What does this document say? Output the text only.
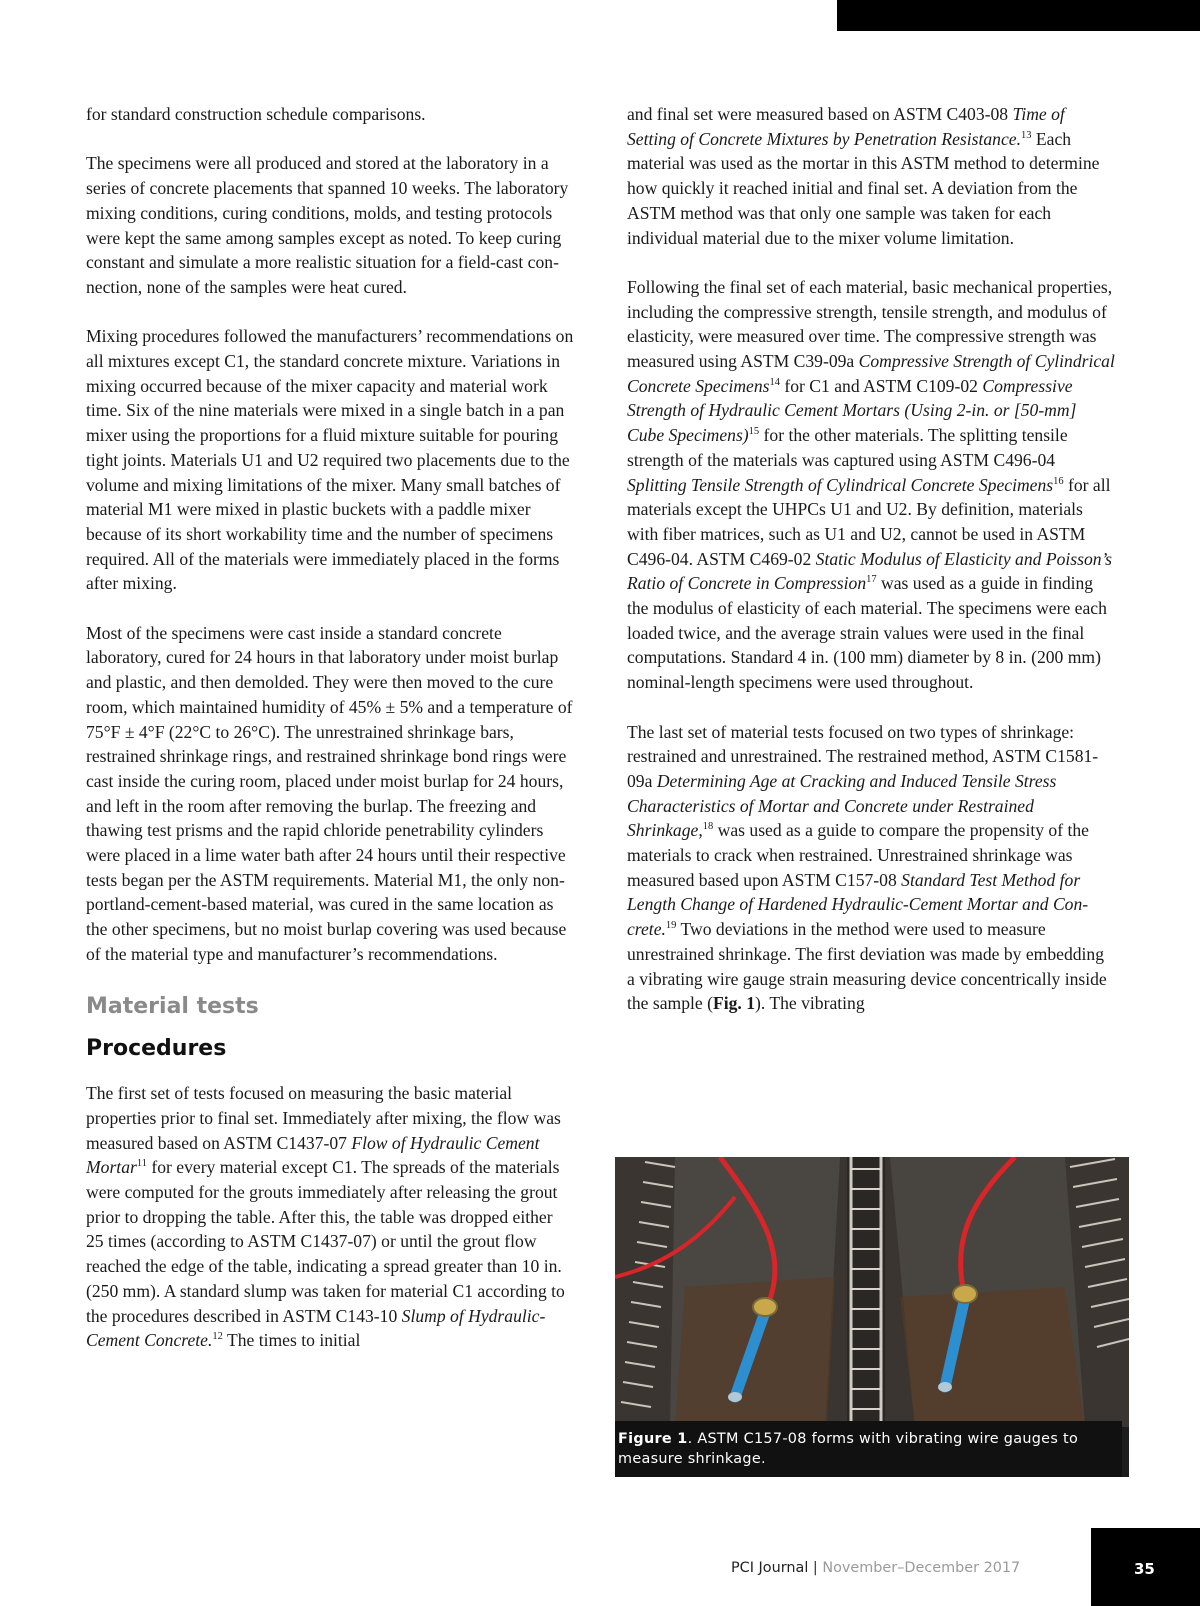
for standard construction schedule comparisons.

The specimens were all produced and stored at the laboratory in a series of concrete placements that spanned 10 weeks. The laboratory mixing conditions, curing conditions, molds, and testing protocols were kept the same among samples except as noted. To keep curing constant and simulate a more realistic situation for a field-cast connection, none of the samples were heat cured.

Mixing procedures followed the manufacturers’ recommendations on all mixtures except C1, the standard concrete mixture. Variations in mixing occurred because of the mixer capacity and material work time. Six of the nine materials were mixed in a single batch in a pan mixer using the proportions for a fluid mixture suitable for pouring tight joints. Materials U1 and U2 required two placements due to the volume and mixing limitations of the mixer. Many small batches of material M1 were mixed in plastic buckets with a paddle mixer because of its short workability time and the number of specimens required. All of the materials were immediately placed in the forms after mixing.

Most of the specimens were cast inside a standard concrete laboratory, cured for 24 hours in that laboratory under moist burlap and plastic, and then demolded. They were then moved to the cure room, which maintained humidity of 45% ± 5% and a temperature of 75°F ± 4°F (22°C to 26°C). The unrestrained shrinkage bars, restrained shrinkage rings, and restrained shrinkage bond rings were cast inside the curing room, placed under moist burlap for 24 hours, and left in the room after removing the burlap. The freezing and thawing test prisms and the rapid chloride penetrability cylinders were placed in a lime water bath after 24 hours until their respective tests began per the ASTM requirements. Material M1, the only non-portland-cement-based material, was cured in the same location as the other specimens, but no moist burlap covering was used because of the material type and manufacturer’s recommendations.

Material tests
Procedures

The first set of tests focused on measuring the basic material properties prior to final set. Immediately after mixing, the flow was measured based on ASTM C1437-07 Flow of Hydraulic Cement Mortar$^{11}$ for every material except C1. The spreads of the materials were computed for the grouts immediately after releasing the grout prior to dropping the table. After this, the table was dropped either 25 times (according to ASTM C1437-07) or until the grout flow reached the edge of the table, indicating a spread greater than 10 in. (250 mm). A standard slump was taken for material C1 according to the procedures described in ASTM C143-10 Slump of Hydraulic-Cement Concrete.$^{12}$ The times to initial

and final set were measured based on ASTM C403-08 Time of Setting of Concrete Mixtures by Penetration Resistance.$^{13}$ Each material was used as the mortar in this ASTM method to determine how quickly it reached initial and final set. A deviation from the ASTM method was that only one sample was taken for each individual material due to the mixer volume limitation.

Following the final set of each material, basic mechanical properties, including the compressive strength, tensile strength, and modulus of elasticity, were measured over time. The compressive strength was measured using ASTM C39-09a Compressive Strength of Cylindrical Concrete Specimens$^{14}$ for C1 and ASTM C109-02 Compressive Strength of Hydraulic Cement Mortars (Using 2-in. or [50-mm] Cube Specimens)$^{15}$ for the other materials. The splitting tensile strength of the materials was captured using ASTM C496-04 Splitting Tensile Strength of Cylindrical Concrete Specimens$^{16}$ for all materials except the UHPCs U1 and U2. By definition, materials with fiber matrices, such as U1 and U2, cannot be used in ASTM C496-04. ASTM C469-02 Static Modulus of Elasticity and Poisson’s Ratio of Concrete in Compression$^{17}$ was used as a guide in finding the modulus of elasticity of each material. The specimens were each loaded twice, and the average strain values were used in the final computations. Standard 4 in. (100 mm) diameter by 8 in. (200 mm) nominal-length specimens were used throughout.

The last set of material tests focused on two types of shrinkage: restrained and unrestrained. The restrained method, ASTM C1581-09a Determining Age at Cracking and Induced Tensile Stress Characteristics of Mortar and Concrete under Restrained Shrinkage,$^{18}$ was used as a guide to compare the propensity of the materials to crack when restrained. Unrestrained shrinkage was measured based upon ASTM C157-08 Standard Test Method for Length Change of Hardened Hydraulic-Cement Mortar and Concrete.$^{19}$ Two deviations in the method were used to measure unrestrained shrinkage. The first deviation was made by embedding a vibrating wire gauge strain measuring device concentrically inside the sample (Fig. 1). The vibrating

Figure 1. ASTM C157-08 forms with vibrating wire gauges to measure shrinkage.
PCI Journal | November–December 2017	35
